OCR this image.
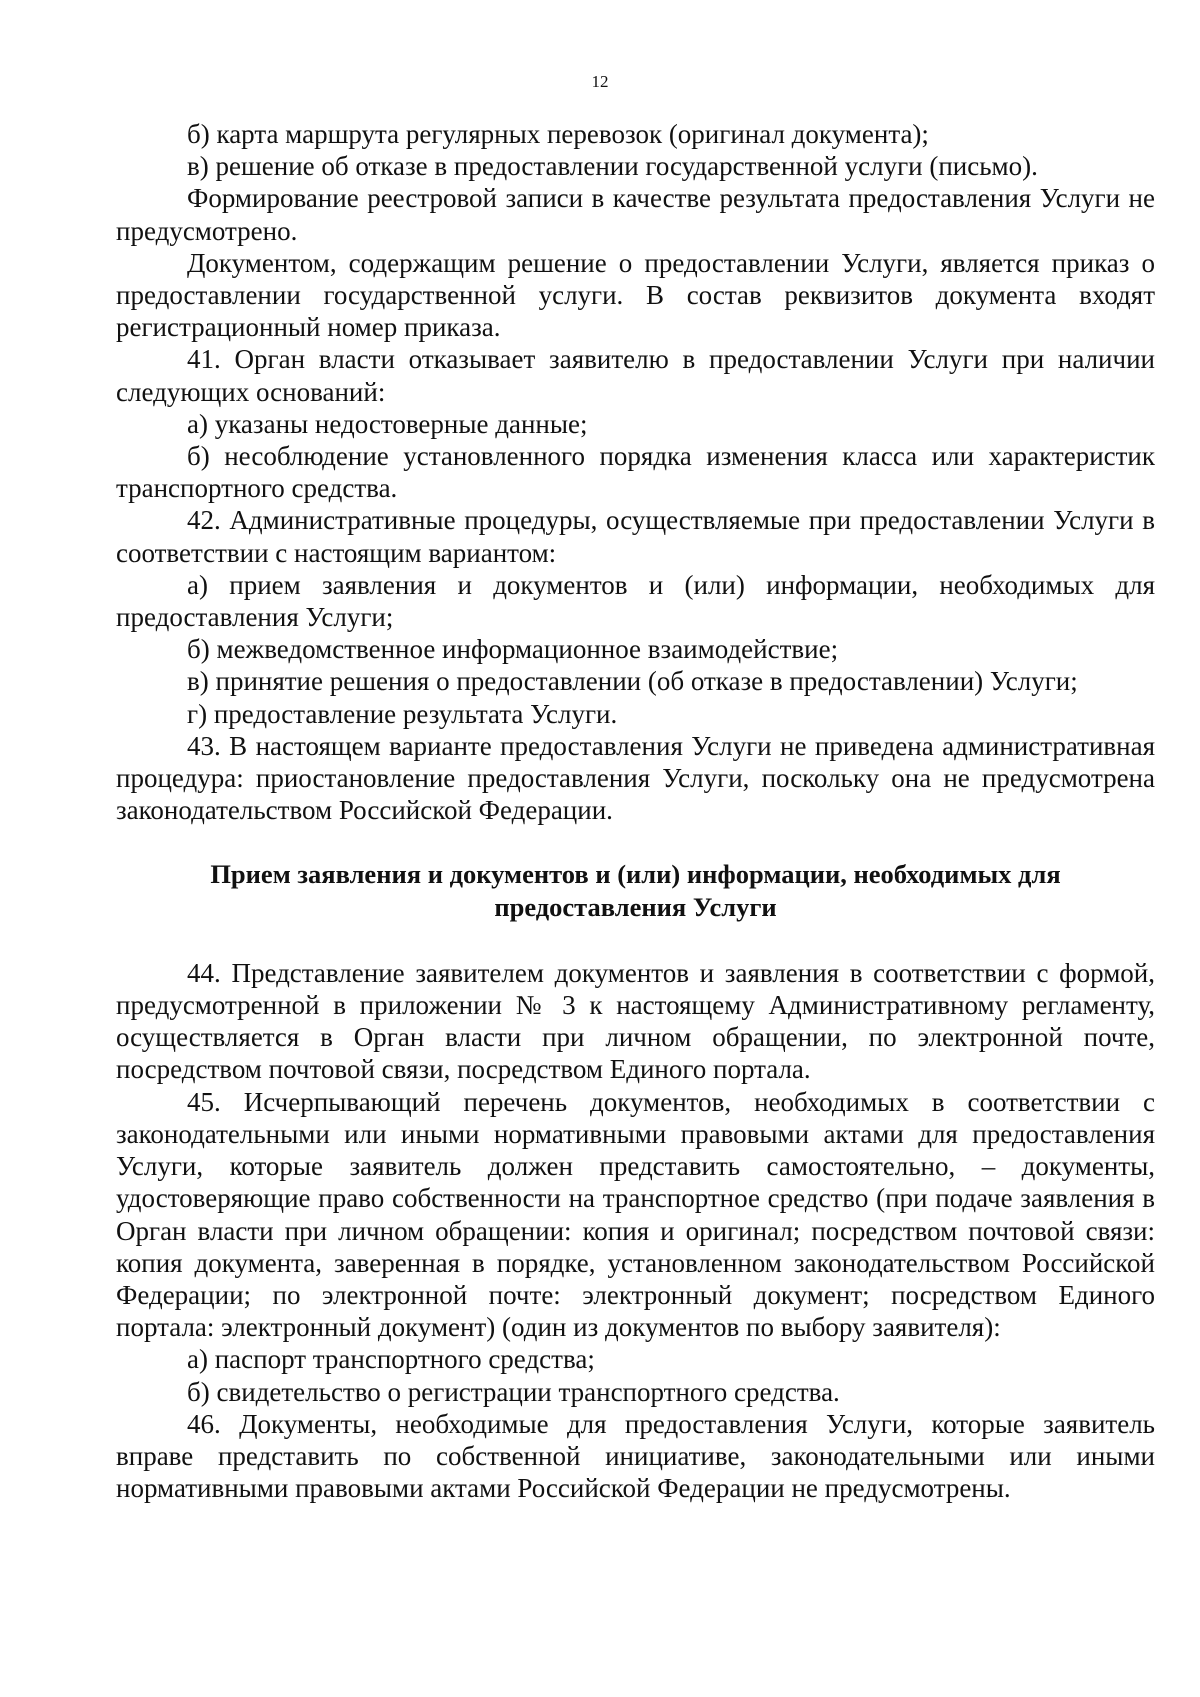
12

б) карта маршрута регулярных перевозок (оригинал документа);

в) решение об отказе в предоставлении государственной услуги (письмо).

Формирование реестровой записи в качестве результата предоставления Услуги не предусмотрено.

Документом, содержащим решение о предоставлении Услуги, является приказ о предоставлении государственной услуги. В состав реквизитов документа входят регистрационный номер приказа.

41. Орган власти отказывает заявителю в предоставлении Услуги при наличии следующих оснований:

а) указаны недостоверные данные;

б) несоблюдение установленного порядка изменения класса или характеристик транспортного средства.

42. Административные процедуры, осуществляемые при предоставлении Услуги в соответствии с настоящим вариантом:

а) прием заявления и документов и (или) информации, необходимых для предоставления Услуги;

б) межведомственное информационное взаимодействие;

в) принятие решения о предоставлении (об отказе в предоставлении) Услуги;

г) предоставление результата Услуги.

43. В настоящем варианте предоставления Услуги не приведена административная процедура: приостановление предоставления Услуги, поскольку она не предусмотрена законодательством Российской Федерации.

Прием заявления и документов и (или) информации, необходимых для
предоставления Услуги

44. Представление заявителем документов и заявления в соответствии с формой, предусмотренной в приложении № 3 к настоящему Административному регламенту, осуществляется в Орган власти при личном обращении, по электронной почте, посредством почтовой связи, посредством Единого портала.

45. Исчерпывающий перечень документов, необходимых в соответствии с законодательными или иными нормативными правовыми актами для предоставления Услуги, которые заявитель должен представить самостоятельно, – документы, удостоверяющие право собственности на транспортное средство (при подаче заявления в Орган власти при личном обращении: копия и оригинал; посредством почтовой связи: копия документа, заверенная в порядке, установленном законодательством Российской Федерации; по электронной почте: электронный документ; посредством Единого портала: электронный документ) (один из документов по выбору заявителя):

а) паспорт транспортного средства;

б) свидетельство о регистрации транспортного средства.

46. Документы, необходимые для предоставления Услуги, которые заявитель вправе представить по собственной инициативе, законодательными или иными нормативными правовыми актами Российской Федерации не предусмотрены.
